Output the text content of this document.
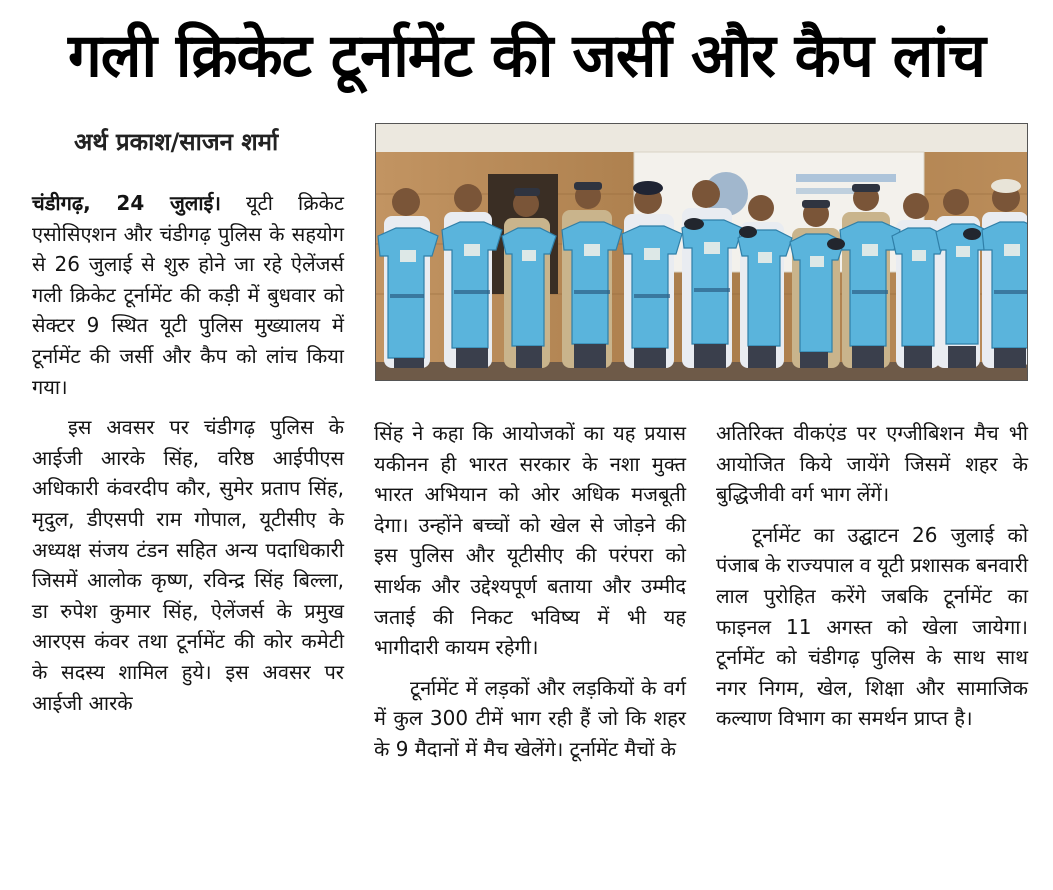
गली क्रिकेट टूर्नामेंट की जर्सी और कैप लांच
अर्थ प्रकाश/साजन शर्मा

चंडीगढ़, 24 जुलाई। यूटी क्रिकेट एसोसिएशन और चंडीगढ़ पुलिस के सहयोग से 26 जुलाई से शुरु होने जा रहे ऐलेंजर्स गली क्रिकेट टूर्नामेंट की कड़ी में बुधवार को सेक्टर 9 स्थित यूटी पुलिस मुख्यालय में टूर्नामेंट की जर्सी और कैप को लांच किया गया।

इस अवसर पर चंडीगढ़ पुलिस के आईजी आरके सिंह, वरिष्ठ आईपीएस अधिकारी कंवरदीप कौर, सुमेर प्रताप सिंह, मृदुल, डीएसपी राम गोपाल, यूटीसीए के अध्यक्ष संजय टंडन सहित अन्य पदाधिकारी जिसमें आलोक कृष्ण, रविन्द्र सिंह बिल्ला, डा रुपेश कुमार सिंह, ऐलेंजर्स के प्रमुख आरएस कंवर तथा टूर्नामेंट की कोर कमेटी के सदस्य शामिल हुये। इस अवसर पर आईजी आरके

सिंह ने कहा कि आयोजकों का यह प्रयास यकीनन ही भारत सरकार के नशा मुक्त भारत अभियान को ओर अधिक मजबूती देगा। उन्होंने बच्चों को खेल से जोड़ने की इस पुलिस और यूटीसीए की परंपरा को सार्थक और उद्देश्यपूर्ण बताया और उम्मीद जताई की निकट भविष्य में भी यह भागीदारी कायम रहेगी।

टूर्नामेंट में लड़कों और लड़कियों के वर्ग में कुल 300 टीमें भाग रही हैं जो कि शहर के 9 मैदानों में मैच खेलेंगे। टूर्नामेंट मैचों के

अतिरिक्त वीकएंड पर एग्जीबिशन मैच भी आयोजित किये जायेंगे जिसमें शहर के बुद्धिजीवी वर्ग भाग लेंगें।

टूर्नामेंट का उद्घाटन 26 जुलाई को पंजाब के राज्यपाल व यूटी प्रशासक बनवारी लाल पुरोहित करेंगे जबकि टूर्नामेंट का फाइनल 11 अगस्त को खेला जायेगा। टूर्नामेंट को चंडीगढ़ पुलिस के साथ साथ नगर निगम, खेल, शिक्षा और सामाजिक कल्याण विभाग का समर्थन प्राप्त है।
